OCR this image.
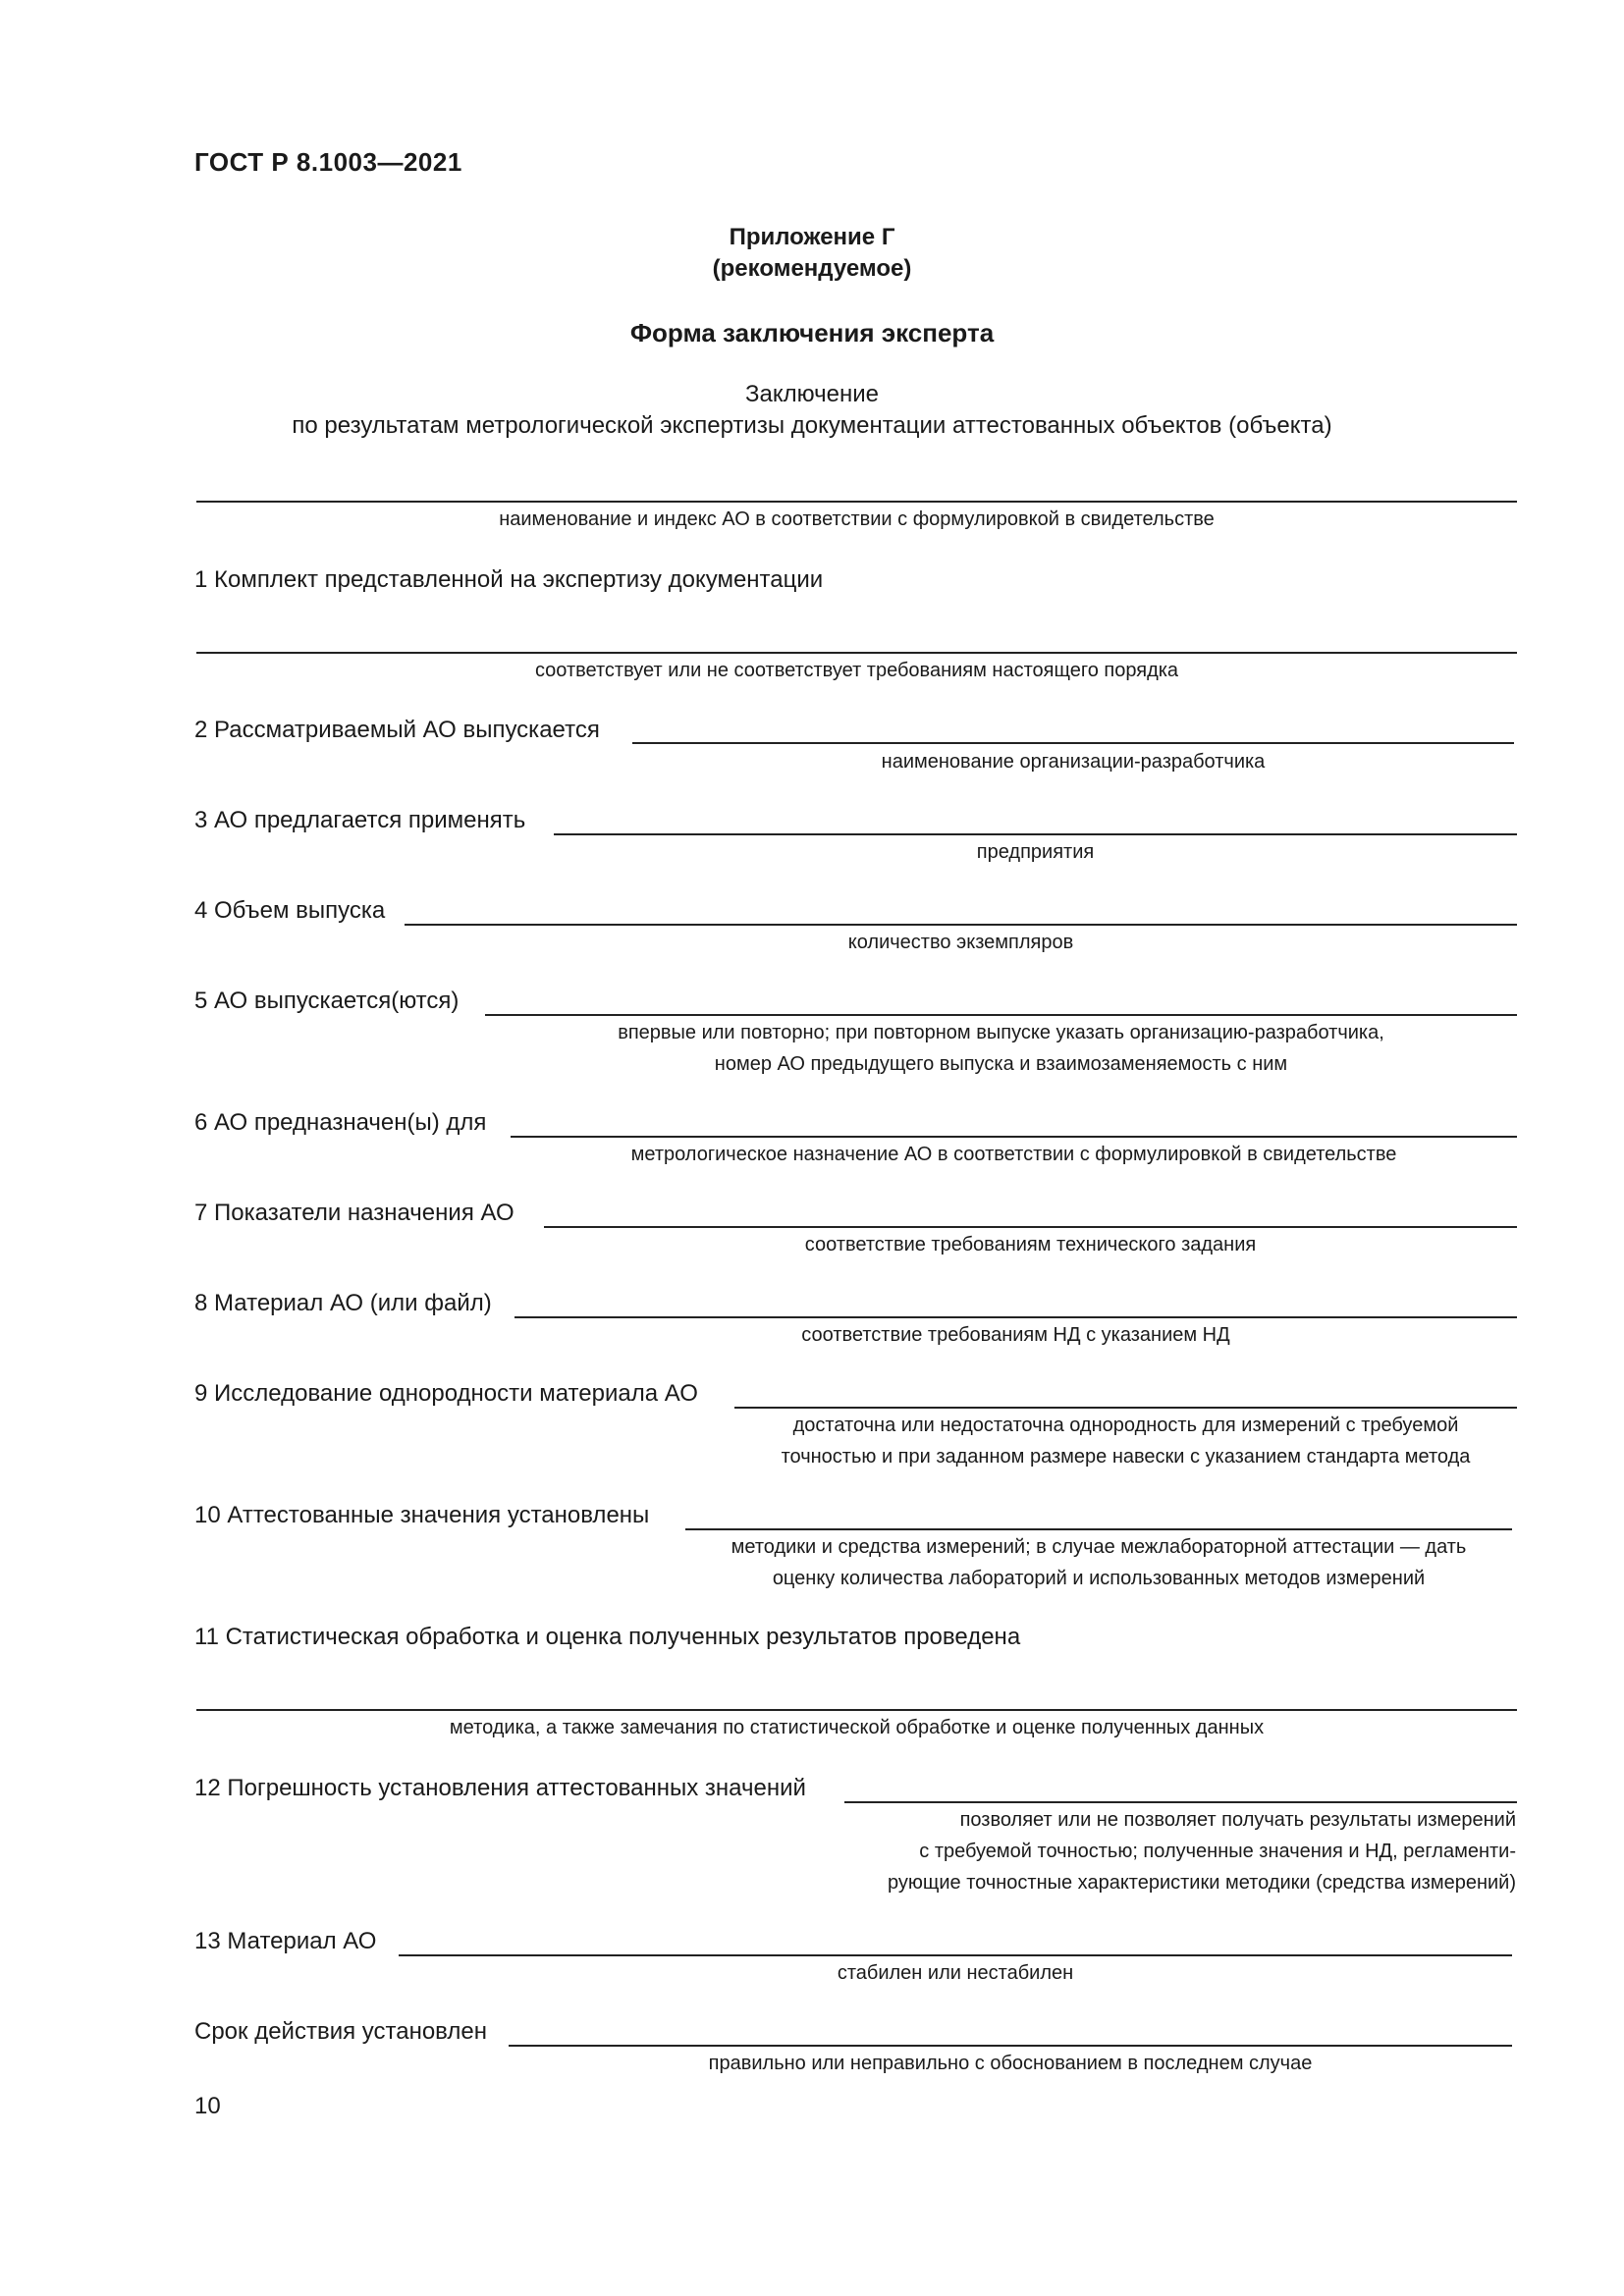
ГОСТ Р 8.1003—2021
Приложение Г
(рекомендуемое)
Форма заключения эксперта
Заключение
по результатам метрологической экспертизы документации аттестованных объектов (объекта)
наименование и индекс АО в соответствии с формулировкой в свидетельстве
1 Комплект представленной на экспертизу документации
соответствует или не соответствует требованиям настоящего порядка
2 Рассматриваемый АО выпускается
наименование организации-разработчика
3 АО предлагается применять
предприятия
4 Объем выпуска
количество экземпляров
5 АО выпускается(ются)
впервые или повторно; при повторном выпуске указать организацию-разработчика,
номер АО предыдущего выпуска и взаимозаменяемость с ним
6 АО предназначен(ы) для
метрологическое назначение АО в соответствии с формулировкой в свидетельстве
7 Показатели назначения АО
соответствие требованиям технического задания
8 Материал АО (или файл)
соответствие требованиям НД с указанием НД
9 Исследование однородности материала АО
достаточна или недостаточна однородность для измерений с требуемой
точностью и при заданном размере навески с указанием стандарта метода
10 Аттестованные значения установлены
методики и средства измерений; в случае межлабораторной аттестации — дать
оценку количества лабораторий и использованных методов измерений
11 Статистическая обработка и оценка полученных результатов проведена
методика, а также замечания по статистической обработке и оценке полученных данных
12 Погрешность установления аттестованных значений
позволяет или не позволяет получать результаты измерений
с требуемой точностью; полученные значения и НД, регламенти-
рующие точностные характеристики методики (средства измерений)
13 Материал АО
стабилен или нестабилен
Срок действия установлен
правильно или неправильно с обоснованием в последнем случае
10
